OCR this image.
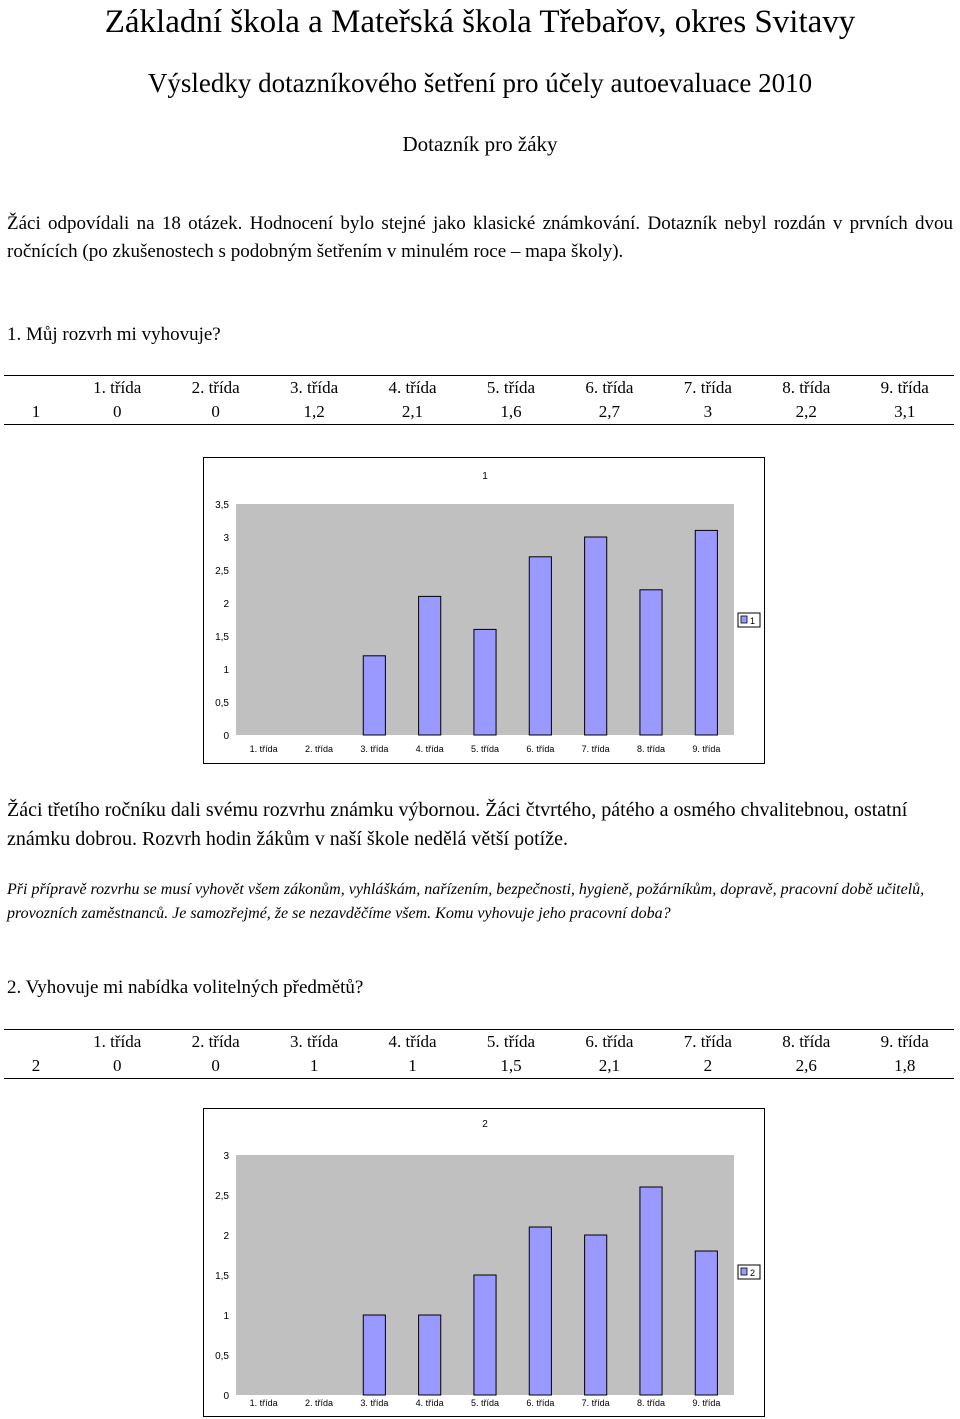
Základní škola a Mateřská škola Třebařov, okres Svitavy
Výsledky dotazníkového šetření pro účely autoevaluace 2010
Dotazník pro žáky
Žáci odpovídali na 18 otázek. Hodnocení bylo stejné jako klasické známkování. Dotazník nebyl rozdán v prvních dvou ročnících (po zkušenostech s podobným šetřením v minulém roce – mapa školy).
1. Můj rozvrh mi vyhovuje?
	1. třída	2. třída	3. třída	4. třída	5. třída	6. třída	7. třída	8. třída	9. třída
1	0	0	1,2	2,1	1,6	2,7	3	2,2	3,1
1
0
0,5
1
1,5
2
2,5
3
3,5
1. třída	2. třída	3. třída	4. třída	5. třída	6. třída	7. třída	8. třída	9. třída
1
Žáci třetího ročníku dali svému rozvrhu známku výbornou. Žáci čtvrtého, pátého a osmého chvalitebnou, ostatní známku dobrou. Rozvrh hodin žákům v naší škole nedělá větší potíže.
Při přípravě rozvrhu se musí vyhovět všem zákonům, vyhláškám, nařízením, bezpečnosti, hygieně, požárníkům, dopravě, pracovní době učitelů, provozních zaměstnanců. Je samozřejmé, že se nezavděčíme všem. Komu vyhovuje jeho pracovní doba?
2. Vyhovuje mi nabídka volitelných předmětů?
	1. třída	2. třída	3. třída	4. třída	5. třída	6. třída	7. třída	8. třída	9. třída
2	0	0	1	1	1,5	2,1	2	2,6	1,8
2
0
0,5
1
1,5
2
2,5
3
1. třída	2. třída	3. třída	4. třída	5. třída	6. třída	7. třída	8. třída	9. třída
2
